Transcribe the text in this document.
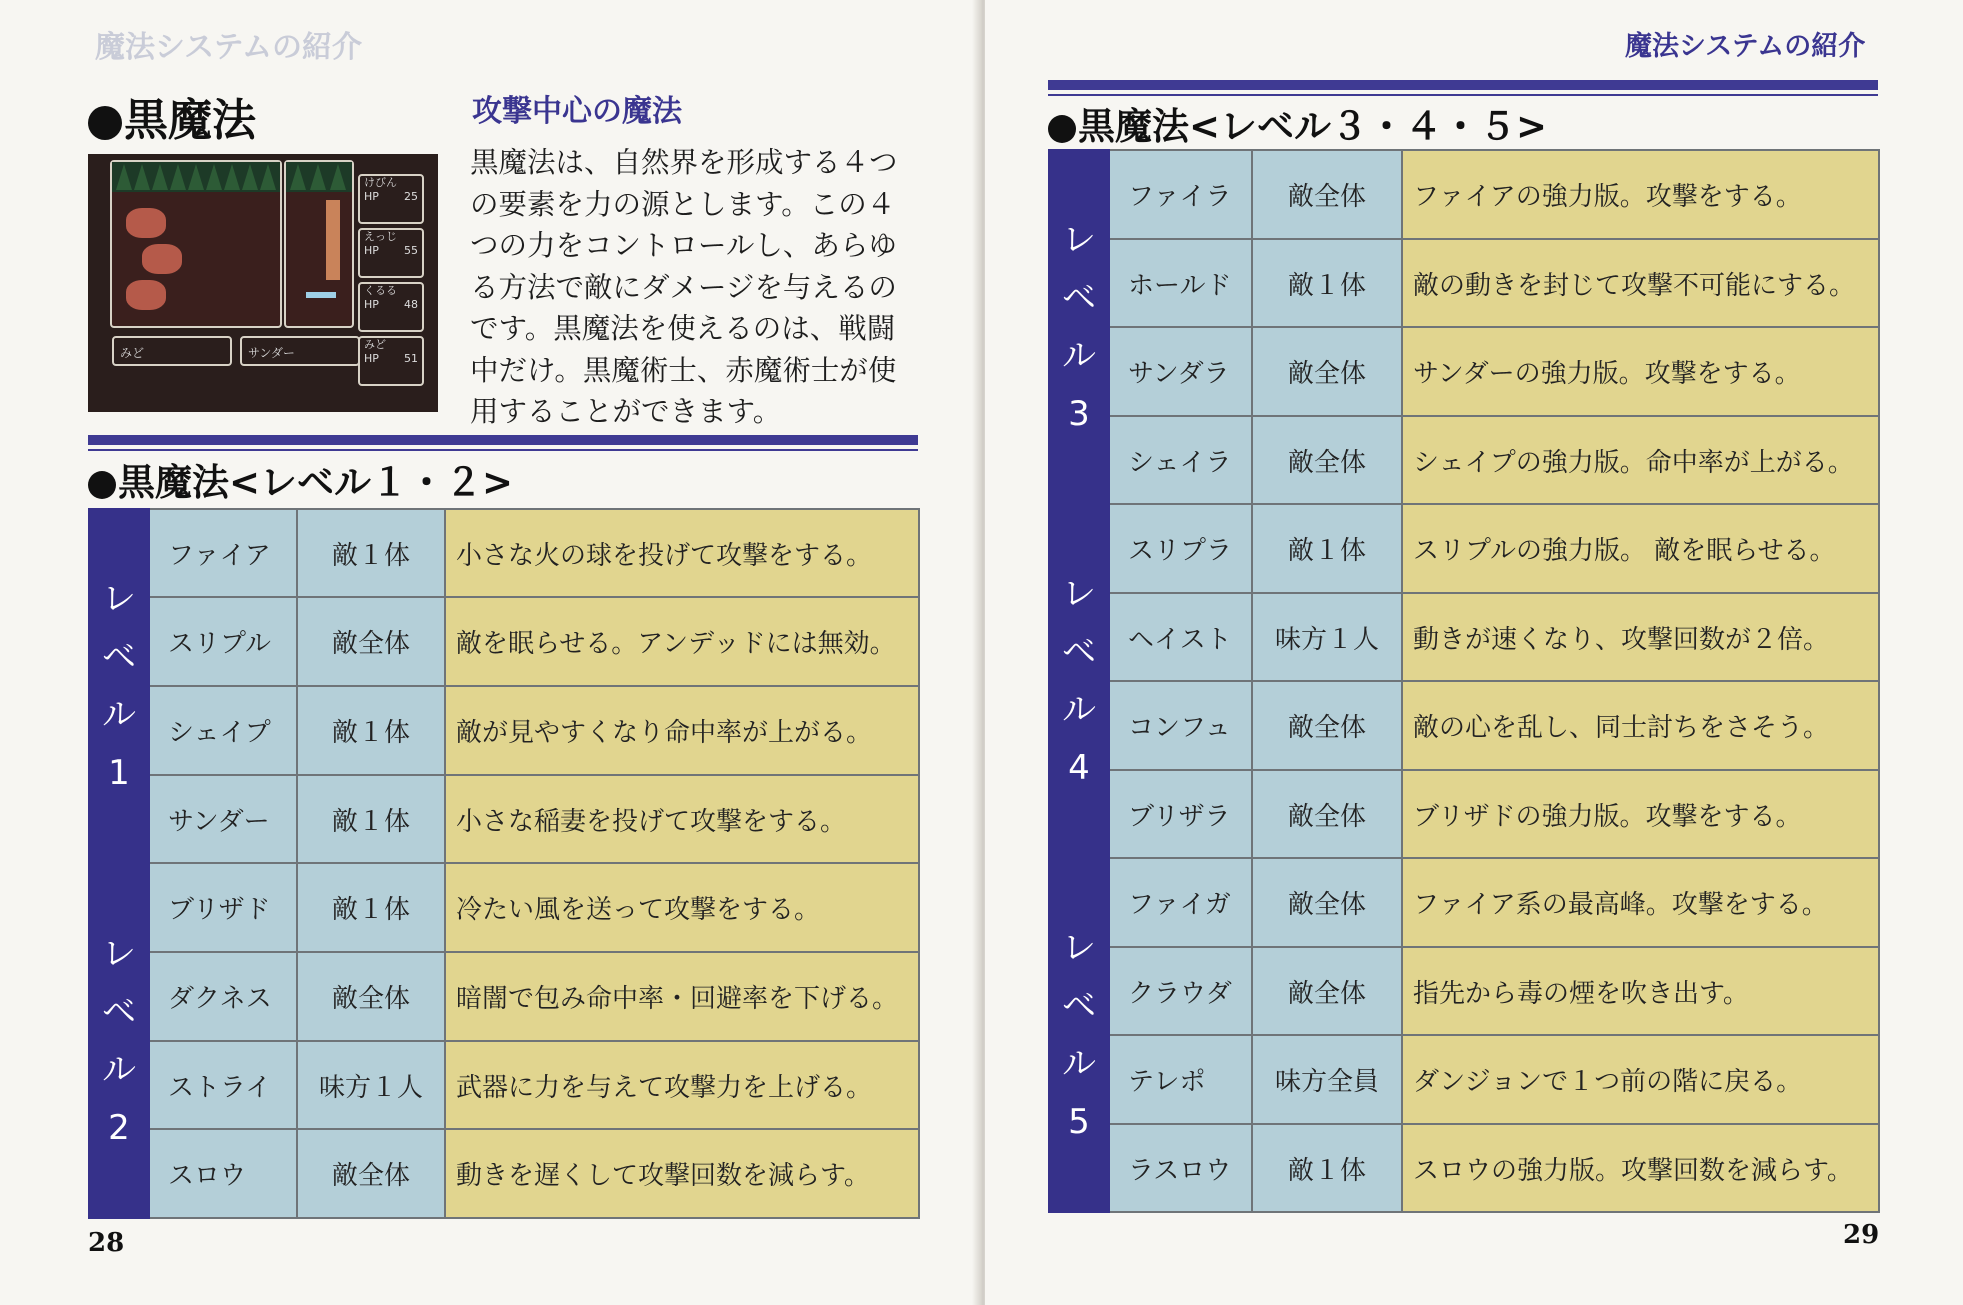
魔法システムの紹介
黒魔法	攻撃中心の魔法
けびん
HP 25
えっじ
HP 55
くるる
HP 48
みど
HP 51
みど	サンダー
黒魔法は、自然界を形成する４つ
の要素を力の源とします。この４
つの力をコントロールし、あらゆ
る方法で敵にダメージを与えるの
です。黒魔法を使えるのは、戦闘
中だけ。黒魔術士、赤魔術士が使
用することができます。
黒魔法<レベル１・２>
レ
ベ
ル
1	ファイア	敵１体	小さな火の球を投げて攻撃をする。
	スリプル	敵全体	敵を眠らせる。アンデッドには無効。
	シェイプ	敵１体	敵が見やすくなり命中率が上がる。
	サンダー	敵１体	小さな稲妻を投げて攻撃をする。

レ
ベ
ル
2	ブリザド	敵１体	冷たい風を送って攻撃をする。
	ダクネス	敵全体	暗闇で包み命中率・回避率を下げる。
	ストライ	味方１人	武器に力を与えて攻撃力を上げる。
	スロウ	敵全体	動きを遅くして攻撃回数を減らす。
28
魔法システムの紹介
黒魔法<レベル３・４・５>
レ
ベ
ル
3	ファイラ	敵全体	ファイアの強力版。攻撃をする。
	ホールド	敵１体	敵の動きを封じて攻撃不可能にする。
	サンダラ	敵全体	サンダーの強力版。攻撃をする。
	シェイラ	敵全体	シェイプの強力版。命中率が上がる。

レ
ベ
ル
4	スリプラ	敵１体	スリプルの強力版。 敵を眠らせる。
	ヘイスト	味方１人	動きが速くなり、攻撃回数が２倍。
	コンフュ	敵全体	敵の心を乱し、同士討ちをさそう。
	ブリザラ	敵全体	ブリザドの強力版。攻撃をする。

レ
ベ
ル
5	ファイガ	敵全体	ファイア系の最高峰。攻撃をする。
	クラウダ	敵全体	指先から毒の煙を吹き出す。
	テレポ	味方全員	ダンジョンで１つ前の階に戻る。
	ラスロウ	敵１体	スロウの強力版。攻撃回数を減らす。
29
